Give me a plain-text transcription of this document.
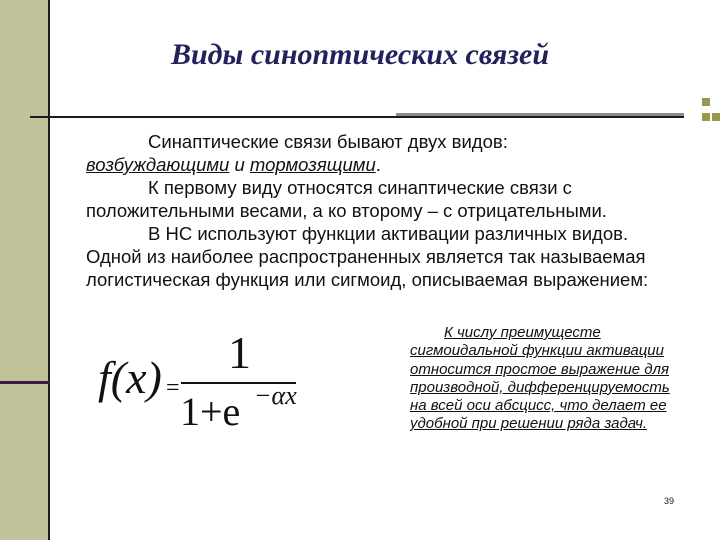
Виды синоптических связей

Синаптические связи бывают двух видов:

возбуждающими и тормозящими.

К первому виду относятся синаптические связи с

положительными весами, а ко второму – с отрицательными.

В НС используют функции активации различных видов.

Одной из наиболее распространенных является так называемая

логистическая функция или сигмоид, описываемая выражением:

f(x) =
1
1+e −αx
К числу преимущесте
сигмоидальной функции активации
относится простое выражение для
производной, дифференцируемость
на всей оси абсцисс, что делает ее
удобной при решении ряда задач.
39
